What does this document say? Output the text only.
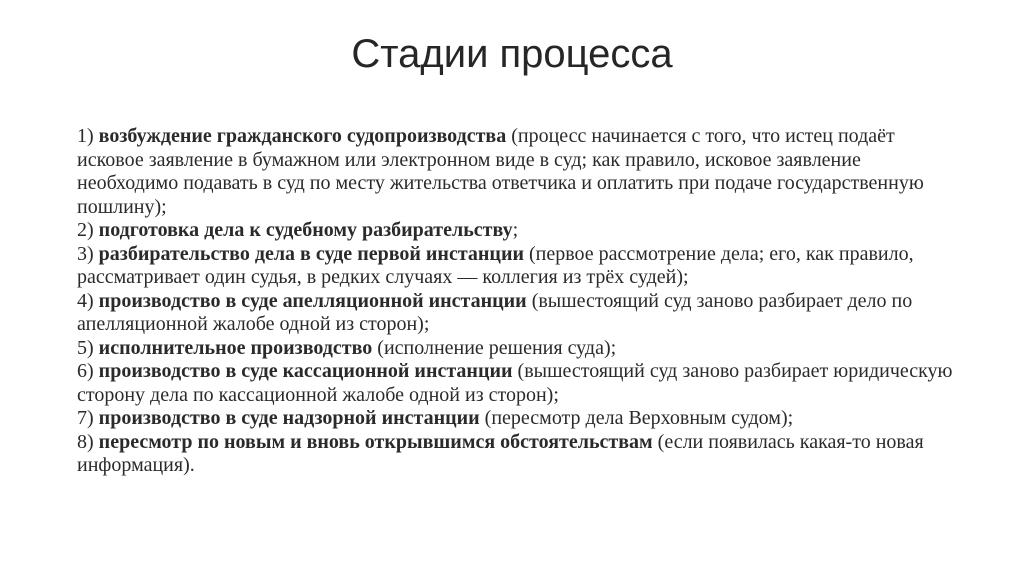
Стадии процесса

1) возбуждение гражданского судопроизводства (процесс начинается с того, что истец подаёт исковое заявление в бумажном или электронном виде в суд; как правило, исковое заявление необходимо подавать в суд по месту жительства ответчика и оплатить при подаче государственную пошлину);

2) подготовка дела к судебному разбирательству;

3) разбирательство дела в суде первой инстанции (первое рассмотрение дела; его, как правило, рассматривает один судья, в редких случаях — коллегия из трёх судей);

4) производство в суде апелляционной инстанции (вышестоящий суд заново разбирает дело по апелляционной жалобе одной из сторон);

5) исполнительное производство (исполнение решения суда);

6) производство в суде кассационной инстанции (вышестоящий суд заново разбирает юридическую сторону дела по кассационной жалобе одной из сторон);

7) производство в суде надзорной инстанции (пересмотр дела Верховным судом);

8) пересмотр по новым и вновь открывшимся обстоятельствам (если появилась какая-то новая информация).
